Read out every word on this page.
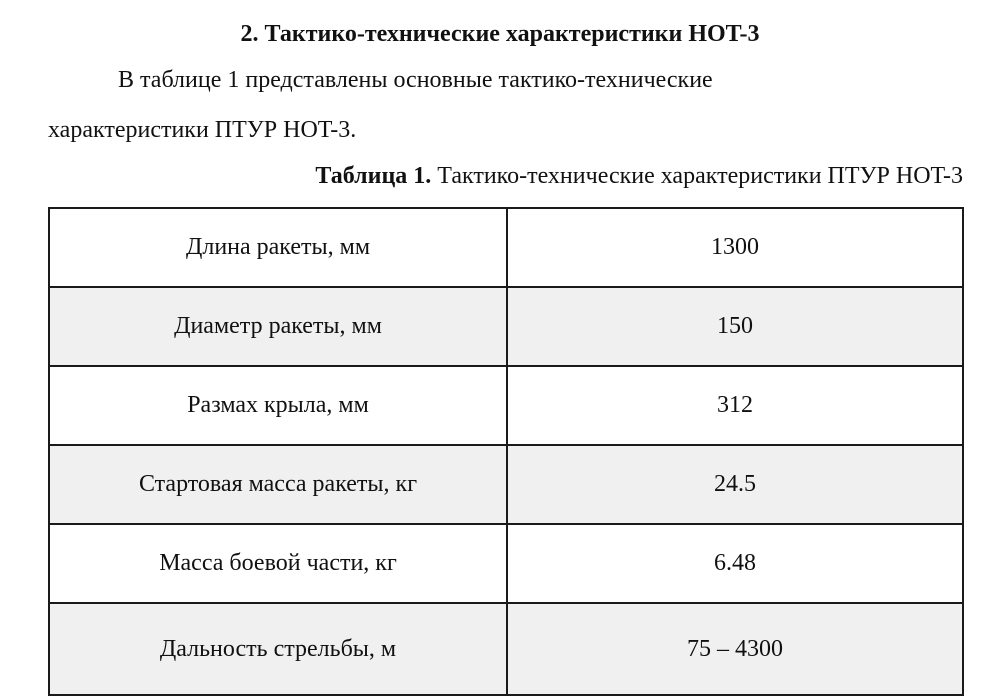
2. Тактико-технические характеристики HOT-3
В таблице 1 представлены основные тактико-технические
характеристики ПТУР HOT-3.
Таблица 1. Тактико-технические характеристики ПТУР HOT-3
Длина ракеты, мм	1300
Диаметр ракеты, мм	150
Размах крыла, мм	312
Стартовая масса ракеты, кг	24.5
Масса боевой части, кг	6.48
Дальность стрельбы, м	75 – 4300
